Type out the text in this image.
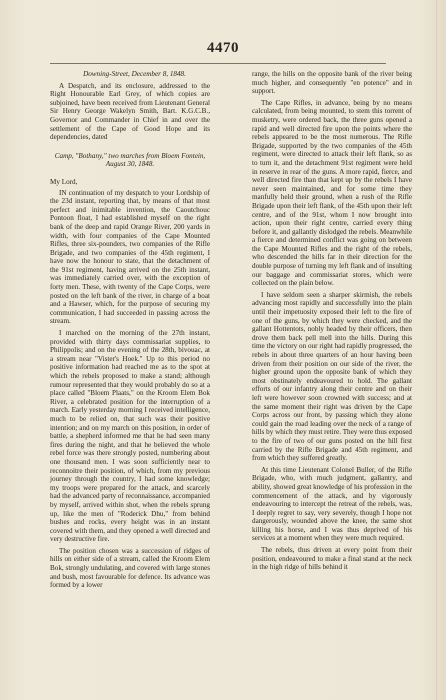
4470

Downing-Street, December 8, 1848.

A Despatch, and its enclosure, addressed to the Right Honourable Earl Grey, of which copies are subjoined, have been received from Lieutenant General Sir Henry George Wakelyn Smith, Bart. K.G.C.B., Governor and Commander in Chief in and over the settlement of the Cape of Good Hope and its dependencies, dated

Camp, "Bothany," two marches from Bloem Fontein, August 30, 1848.

My Lord,

IN continuation of my despatch to your Lordship of the 23d instant, reporting that, by means of that most perfect and inimitable invention, the Caoutchouc Pontoon float, I had established myself on the right bank of the deep and rapid Orange River, 200 yards in width, with four companies of the Cape Mounted Rifles, three six-pounders, two companies of the Rifle Brigade, and two companies of the 45th regiment, I have now the honour to state, that the detachment of the 91st regiment, having arrived on the 25th instant, was immediately carried over, with the exception of forty men. These, with twenty of the Cape Corps, were posted on the left bank of the river, in charge of a boat and a Hawser, which, for the purpose of securing my communication, I had succeeded in passing across the stream.

I marched on the morning of the 27th instant, provided with thirty days commissariat supplies, to Philippolis; and on the evening of the 28th, bivouac, at a stream near "Vister's Hoek." Up to this period no positive information had reached me as to the spot at which the rebels proposed to make a stand; although rumour represented that they would probably do so at a place called "Bloem Plaats," on the Kroom Elem Bok River, a celebrated position for the interruption of a march. Early yesterday morning I received intelligence, much to be relied on, that such was their positive intention; and on my march on this position, in order of battle, a shepherd informed me that he had seen many fires during the night, and that he believed the whole rebel force was there strongly posted, numbering about one thousand men. I was soon sufficiently near to reconnoitre their position, of which, from my previous journey through the country, I had some knowledge; my troops were prepared for the attack, and scarcely had the advanced party of reconnaissance, accompanied by myself, arrived within shot, when the rebels sprung up, like the men of "Roderick Dhu," from behind bushes and rocks, every height was in an instant covered with them, and they opened a well directed and very destructive fire.

The position chosen was a succession of ridges of hills on either side of a stream, called the Kroom Elem Bok, strongly undulating, and covered with large stones and bush, most favourable for defence. Its advance was formed by a lower

range, the hills on the opposite bank of the river being much higher, and consequently "en potence" and in support.

The Cape Rifles, in advance, being by no means calculated, from being mounted, to stem this torrent of musketry, were ordered back, the three guns opened a rapid and well directed fire upon the points where the rebels appeared to be the most numerous. The Rifle Brigade, supported by the two companies of the 45th regiment, were directed to attack their left flank, so as to turn it, and the detachment 91st regiment were held in reserve in rear of the guns. A more rapid, fierce, and well directed fire than that kept up by the rebels I have never seen maintained, and for some time they manfully held their ground, when a rush of the Rifle Brigade upon their left flank, of the 45th upon their left centre, and of the 91st, whom I now brought into action, upon their right centre, carried every thing before it, and gallantly dislodged the rebels. Meanwhile a fierce and determined conflict was going on between the Cape Mounted Rifles and the right of the rebels, who descended the hills far in their direction for the double purpose of turning my left flank and of insulting our baggage and commissariat stores, which were collected on the plain below.

I have seldom seen a sharper skirmish, the rebels advancing most rapidly and successfully into the plain until their impetuosity exposed their left to the fire of one of the guns, by which they were checked, and the gallant Hottentots, nobly headed by their officers, then drove them back pell mell into the hills. During this time the victory on our right had rapidly progressed, the rebels in about three quarters of an hour having been driven from their position on our side of the river, the higher ground upon the opposite bank of which they most obstinately endeavoured to hold. The gallant efforts of our infantry along their centre and on their left were however soon crowned with success; and at the same moment their right was driven by the Cape Corps across our front, by passing which they alone could gain the road leading over the neck of a range of hills by which they must retire. They were thus exposed to the fire of two of our guns posted on the hill first carried by the Rifle Brigade and 45th regiment, and from which they suffered greatly.

At this time Lieutenant Colonel Buller, of the Rifle Brigade, who, with much judgment, gallantry, and ability, showed great knowledge of his profession in the commencement of the attack, and by vigorously endeavouring to intercept the retreat of the rebels, was, I deeply regret to say, very severely, though I hope not dangerously, wounded above the knee, the same shot killing his horse, and I was thus deprived of his services at a moment when they were much required.

The rebels, thus driven at every point from their position, endeavoured to make a final stand at the neck in the high ridge of hills behind it
